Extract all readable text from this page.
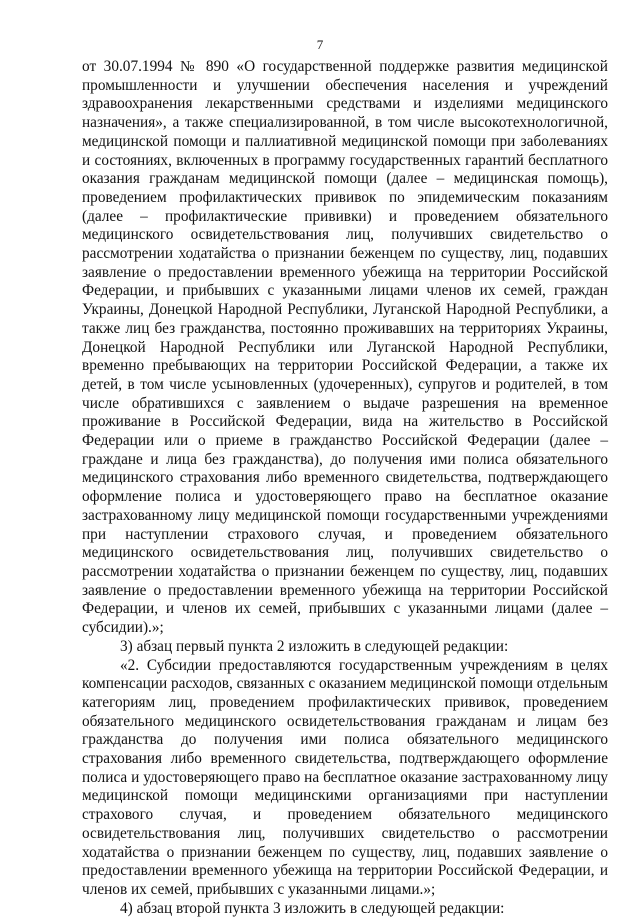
7

от 30.07.1994 № 890 «О государственной поддержке развития медицинской промышленности и улучшении обеспечения населения и учреждений здравоохранения лекарственными средствами и изделиями медицинского назначения», а также специализированной, в том числе высокотехнологичной, медицинской помощи и паллиативной медицинской помощи при заболеваниях и состояниях, включенных в программу государственных гарантий бесплатного оказания гражданам медицинской помощи (далее – медицинская помощь), проведением профилактических прививок по эпидемическим показаниям (далее – профилактические прививки) и проведением обязательного медицинского освидетельствования лиц, получивших свидетельство о рассмотрении ходатайства о признании беженцем по существу, лиц, подавших заявление о предоставлении временного убежища на территории Российской Федерации, и прибывших с указанными лицами членов их семей, граждан Украины, Донецкой Народной Республики, Луганской Народной Республики, а также лиц без гражданства, постоянно проживавших на территориях Украины, Донецкой Народной Республики или Луганской Народной Республики, временно пребывающих на территории Российской Федерации, а также их детей, в том числе усыновленных (удочеренных), супругов и родителей, в том числе обратившихся с заявлением о выдаче разрешения на временное проживание в Российской Федерации, вида на жительство в Российской Федерации или о приеме в гражданство Российской Федерации (далее – граждане и лица без гражданства), до получения ими полиса обязательного медицинского страхования либо временного свидетельства, подтверждающего оформление полиса и удостоверяющего право на бесплатное оказание застрахованному лицу медицинской помощи государственными учреждениями при наступлении страхового случая, и проведением обязательного медицинского освидетельствования лиц, получивших свидетельство о рассмотрении ходатайства о признании беженцем по существу, лиц, подавших заявление о предоставлении временного убежища на территории Российской Федерации, и членов их семей, прибывших с указанными лицами (далее – субсидии).»;

3) абзац первый пункта 2 изложить в следующей редакции:

«2. Субсидии предоставляются государственным учреждениям в целях компенсации расходов, связанных с оказанием медицинской помощи отдельным категориям лиц, проведением профилактических прививок, проведением обязательного медицинского освидетельствования гражданам и лицам без гражданства до получения ими полиса обязательного медицинского страхования либо временного свидетельства, подтверждающего оформление полиса и удостоверяющего право на бесплатное оказание застрахованному лицу медицинской помощи медицинскими организациями при наступлении страхового случая, и проведением обязательного медицинского освидетельствования лиц, получивших свидетельство о рассмотрении ходатайства о признании беженцем по существу, лиц, подавших заявление о предоставлении временного убежища на территории Российской Федерации, и членов их семей, прибывших с указанными лицами.»;

4) абзац второй пункта 3 изложить в следующей редакции:
